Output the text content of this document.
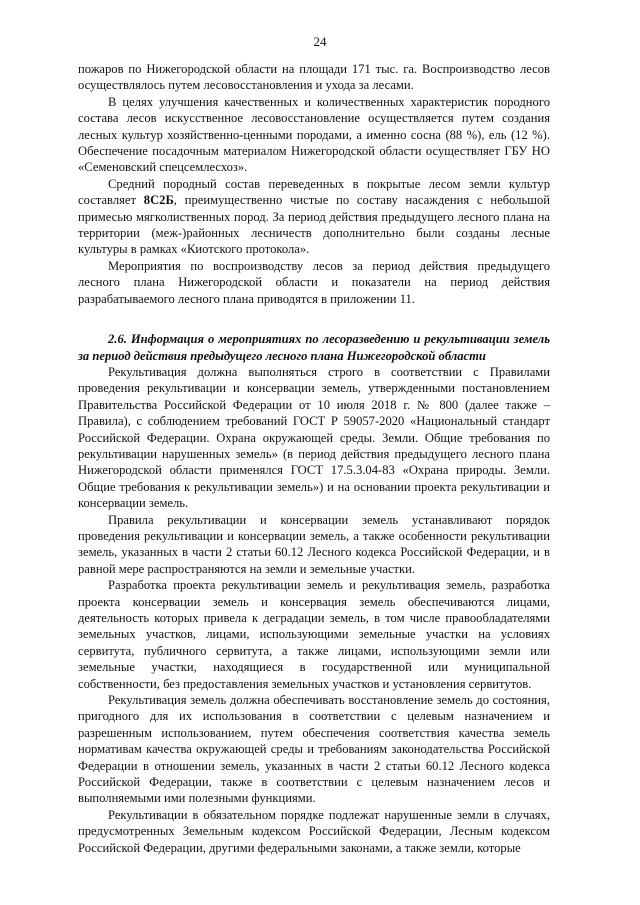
24

пожаров по Нижегородской области на площади 171 тыс. га. Воспроизводство лесов осуществлялось путем лесовосстановления и ухода за лесами.

В целях улучшения качественных и количественных характеристик породного состава лесов искусственное лесовосстановление осуществляется путем создания лесных культур хозяйственно-ценными породами, а именно сосна (88 %), ель (12 %). Обеспечение посадочным материалом Нижегородской области осуществляет ГБУ НО «Семеновский спецсемлесхоз».

Средний породный состав переведенных в покрытые лесом земли культур составляет 8С2Б, преимущественно чистые по составу насаждения с небольшой примесью мягколиственных пород. За период действия предыдущего лесного плана на территории (меж-)районных лесничеств дополнительно были созданы лесные культуры в рамках «Киотского протокола».

Мероприятия по воспроизводству лесов за период действия предыдущего лесного плана Нижегородской области и показатели на период действия разрабатываемого лесного плана приводятся в приложении 11.

2.6. Информация о мероприятиях по лесоразведению и рекультивации земель за период действия предыдущего лесного плана Нижегородской области

Рекультивация должна выполняться строго в соответствии с Правилами проведения рекультивации и консервации земель, утвержденными постановлением Правительства Российской Федерации от 10 июля 2018 г. № 800 (далее также – Правила), с соблюдением требований ГОСТ Р 59057-2020 «Национальный стандарт Российской Федерации. Охрана окружающей среды. Земли. Общие требования по рекультивации нарушенных земель» (в период действия предыдущего лесного плана Нижегородской области применялся ГОСТ 17.5.3.04-83 «Охрана природы. Земли. Общие требования к рекультивации земель») и на основании проекта рекультивации и консервации земель.

Правила рекультивации и консервации земель устанавливают порядок проведения рекультивации и консервации земель, а также особенности рекультивации земель, указанных в части 2 статьи 60.12 Лесного кодекса Российской Федерации, и в равной мере распространяются на земли и земельные участки.

Разработка проекта рекультивации земель и рекультивация земель, разработка проекта консервации земель и консервация земель обеспечиваются лицами, деятельность которых привела к деградации земель, в том числе правообладателями земельных участков, лицами, использующими земельные участки на условиях сервитута, публичного сервитута, а также лицами, использующими земли или земельные участки, находящиеся в государственной или муниципальной собственности, без предоставления земельных участков и установления сервитутов.

Рекультивация земель должна обеспечивать восстановление земель до состояния, пригодного для их использования в соответствии с целевым назначением и разрешенным использованием, путем обеспечения соответствия качества земель нормативам качества окружающей среды и требованиям законодательства Российской Федерации в отношении земель, указанных в части 2 статьи 60.12 Лесного кодекса Российской Федерации, также в соответствии с целевым назначением лесов и выполняемыми ими полезными функциями.

Рекультивации в обязательном порядке подлежат нарушенные земли в случаях, предусмотренных Земельным кодексом Российской Федерации, Лесным кодексом Российской Федерации, другими федеральными законами, а также земли, которые
